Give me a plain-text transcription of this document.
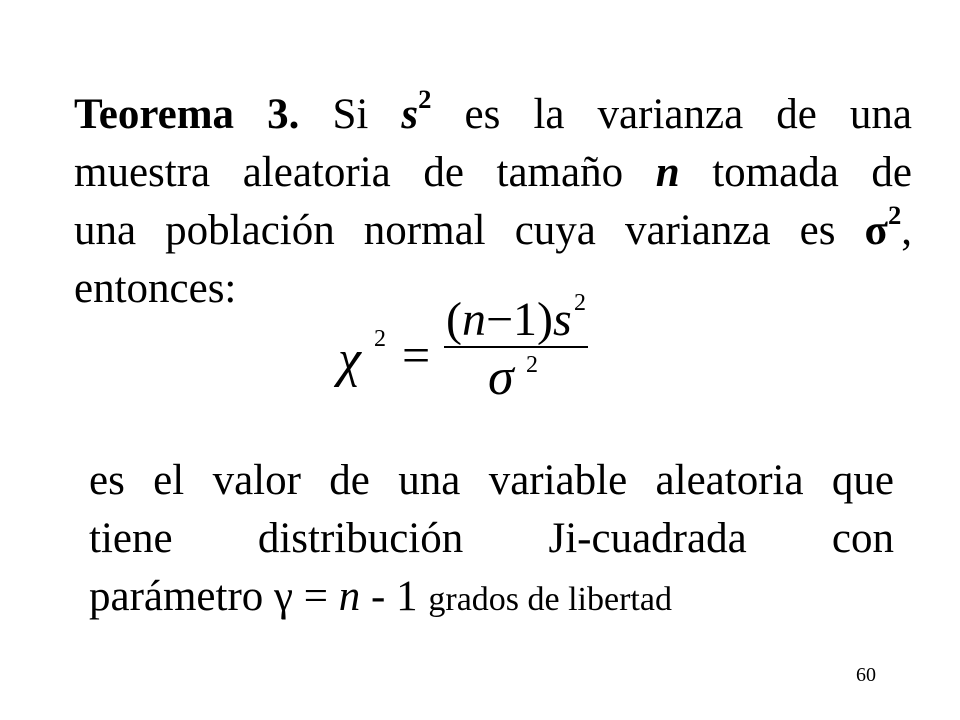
Teorema 3. Si $s^2$ es la varianza de una
muestra aleatoria de tamaño n tomada de
una población normal cuya varianza es $\sigma^2$,
entonces:
χ 2 =
(n−1)s 2
σ 2
es el valor de una variable aleatoria que
tiene distribución Ji-cuadrada con
parámetro γ = n - 1 grados de libertad
60
